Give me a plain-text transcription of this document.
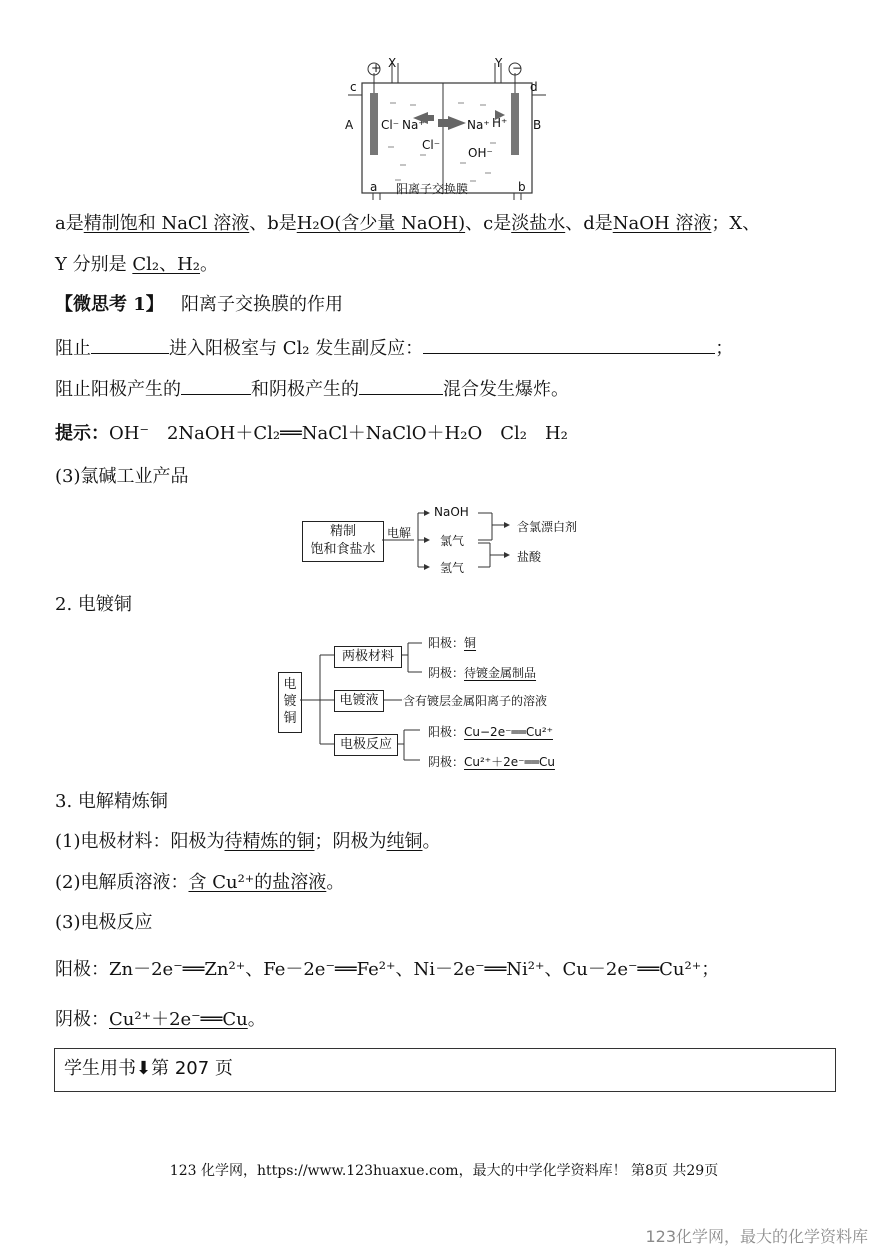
+	−
X	Y
c	d
A	B
a	b
Cl⁻ Na⁺	Na⁺ H⁺
Cl⁻
OH⁻
阳离子交换膜
a是精制饱和 NaCl 溶液、b是H₂O(含少量 NaOH)、c是淡盐水、d是NaOH 溶液；X、
Y 分别是 Cl₂、H₂。
【微思考 1】 阳离子交换膜的作用
阻止	进入阳极室与 Cl₂ 发生副反应：	；
阻止阳极产生的	和阴极产生的	混合发生爆炸。
提示：OH⁻　2NaOH＋Cl₂══NaCl＋NaClO＋H₂O　Cl₂　H₂
(3)氯碱工业产品
精制
饱和食盐水
电解
NaOH
氯气
氢气
含氯漂白剂
盐酸
2. 电镀铜
电镀铜
两极材料
电镀液
电极反应
阳极：铜
阴极：待镀金属制品
含有镀层金属阳离子的溶液
阳极：Cu−2e⁻══Cu²⁺
阴极：Cu²⁺＋2e⁻══Cu
3. 电解精炼铜
(1)电极材料：阳极为待精炼的铜；阴极为纯铜。
(2)电解质溶液：含 Cu²⁺的盐溶液。
(3)电极反应
阳极：Zn－2e⁻══Zn²⁺、Fe－2e⁻══Fe²⁺、Ni－2e⁻══Ni²⁺、Cu－2e⁻══Cu²⁺；
阴极：Cu²⁺＋2e⁻══Cu。
学生用书⬇第 207 页
123 化学网，https://www.123huaxue.com，最大的中学化学资料库！ 第8页 共29页
123化学网，最大的化学资料库
